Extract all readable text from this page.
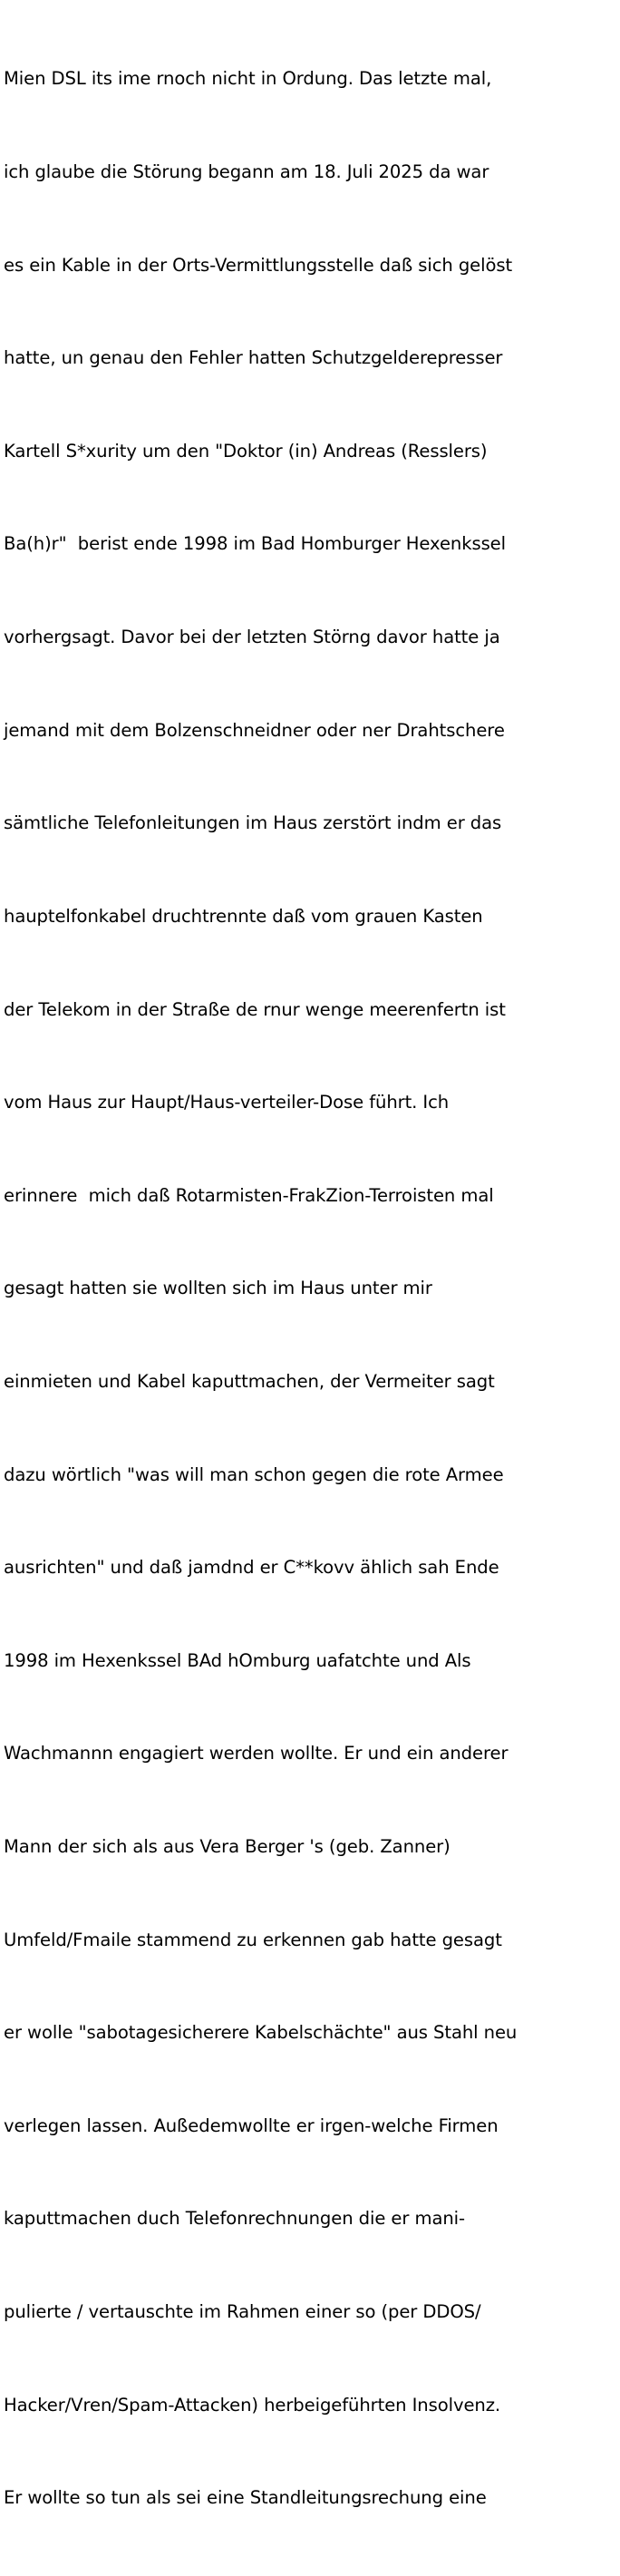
Mien DSL its ime rnoch nicht in Ordung. Das letzte mal,

ich glaube die Störung begann am 18. Juli 2025 da war

es ein Kable in der Orts-Vermittlungsstelle daß sich gelöst

hatte, un genau den Fehler hatten Schutzgelderepresser

Kartell S*xurity um den "Doktor (in) Andreas (Resslers)

Ba(h)r"  berist ende 1998 im Bad Homburger Hexenkssel

vorhergsagt. Davor bei der letzten Störng davor hatte ja

jemand mit dem Bolzenschneidner oder ner Drahtschere

sämtliche Telefonleitungen im Haus zerstört indm er das

hauptelfonkabel druchtrennte daß vom grauen Kasten

der Telekom in der Straße de rnur wenge meerenfertn ist

vom Haus zur Haupt/Haus-verteiler-Dose führt. Ich

erinnere  mich daß Rotarmisten-FrakZion-Terroisten mal

gesagt hatten sie wollten sich im Haus unter mir

einmieten und Kabel kaputtmachen, der Vermeiter sagt

dazu wörtlich "was will man schon gegen die rote Armee

ausrichten" und daß jamdnd er C**kovv ählich sah Ende

1998 im Hexenkssel BAd hOmburg uafatchte und Als

Wachmannn engagiert werden wollte. Er und ein anderer

Mann der sich als aus Vera Berger 's (geb. Zanner)

Umfeld/Fmaile stammend zu erkennen gab hatte gesagt

er wolle "sabotagesicherere Kabelschächte" aus Stahl neu

verlegen lassen. Außedemwollte er irgen-welche Firmen

kaputtmachen duch Telefonrechnungen die er mani-

pulierte / vertauschte im Rahmen einer so (per DDOS/

Hacker/Vren/Spam-Attacken) herbeigeführten Insolvenz.

Er wollte so tun als sei eine Standleitungsrechung eine
